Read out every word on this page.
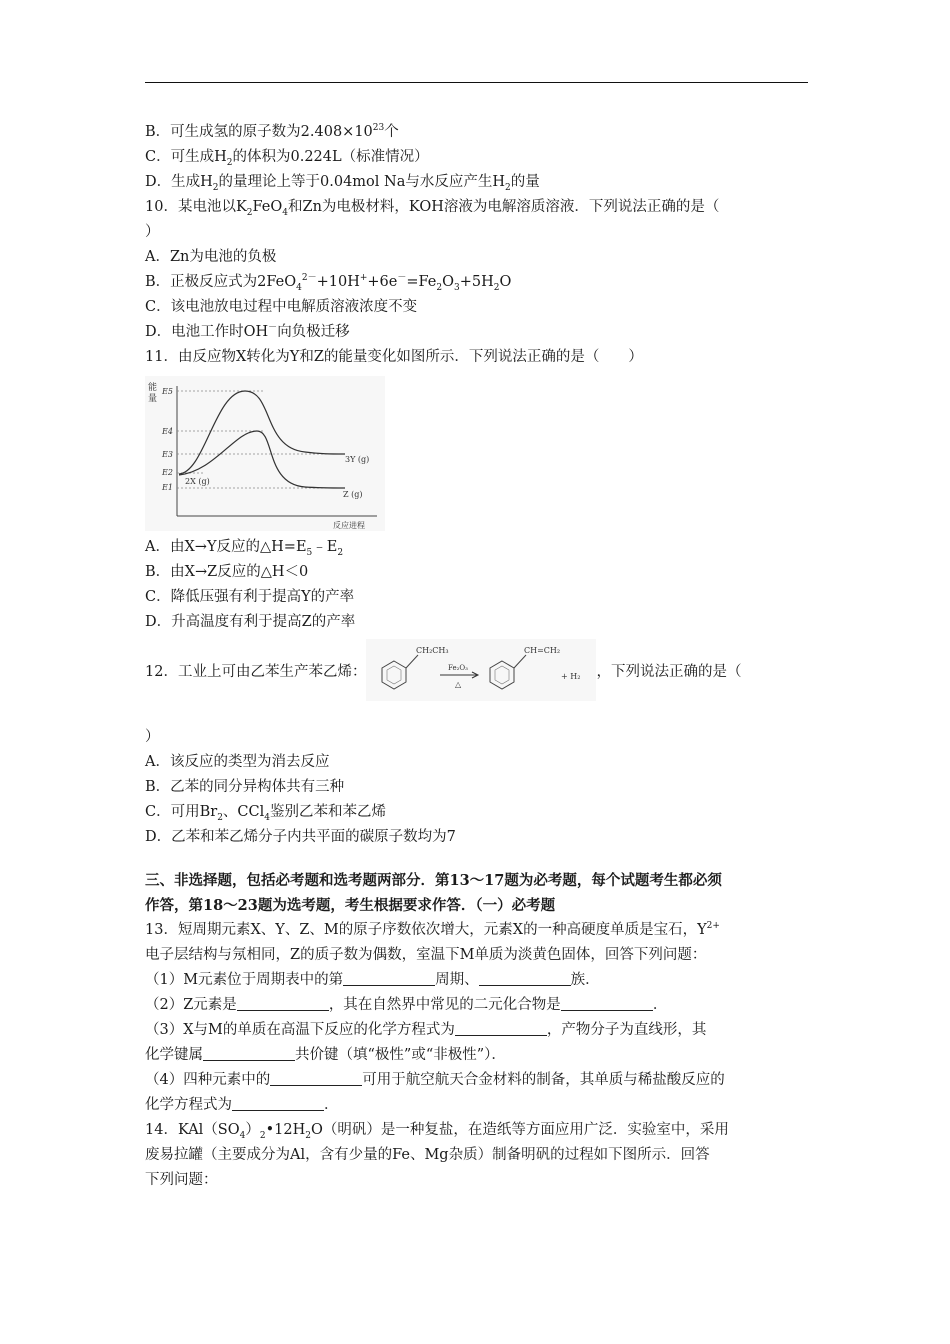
B．可生成氢的原子数为$2.408\times 10^{23}$个
C．可生成$H_2$的体积为0.224L（标准情况）
D．生成$H_2$的量理论上等于0.04mol Na与水反应产生$H_2$的量
10．某电池以$K_2FeO_4$和Zn为电极材料，KOH溶液为电解溶质溶液．下列说法正确的是（
）
A．Zn为电池的负极
B．正极反应式为$2FeO_4^{2-}+10H^++6e^-=Fe_2O_3+5H_2O$
C．该电池放电过程中电解质溶液浓度不变
D．电池工作时OH－向负极迁移
11．由反应物X转化为Y和Z的能量变化如图所示．下列说法正确的是（　　）
能
量
E5
E4
E3
E2
E1
2X (g)
3Y (g)
Z (g)
反应进程
A．由X→Y反应的$\triangle H=E_5﹣E_2$
B．由X→Z反应的△H＜0
C．降低压强有利于提高Y的产率
D．升高温度有利于提高Z的产率
12．工业上可由乙苯生产苯乙烯：
CH₂CH₃
Fe₂O₃
△
CH=CH₂
+ H₂ ，下列说法正确的是（
）
A．该反应的类型为消去反应
B．乙苯的同分异构体共有三种
C．可用$Br_2$、CCl$_4$鉴别乙苯和苯乙烯
D．乙苯和苯乙烯分子内共平面的碳原子数均为7
三、非选择题，包括必考题和选考题两部分．第13～17题为必考题，每个试题考生都必须
作答，第18～23题为选考题，考生根据要求作答．（一）必考题
13．短周期元素X、Y、Z、M的原子序数依次增大，元素X的一种高硬度单质是宝石，$Y^{2+}$
电子层结构与氖相同，Z的质子数为偶数，室温下M单质为淡黄色固体，回答下列问题：
（1）M元素位于周期表中的第	周期、	族．
（2）Z元素是	，其在自然界中常见的二元化合物是	．
（3）X与M的单质在高温下反应的化学方程式为	，产物分子为直线形，其
化学键属	共价键（填“极性”或“非极性”）．
（4）四种元素中的	可用于航空航天合金材料的制备，其单质与稀盐酸反应的
化学方程式为	．
14．$KAl(SO_4)_2•12H_2O$（明矾）是一种复盐，在造纸等方面应用广泛．实验室中，采用
废易拉罐（主要成分为Al，含有少量的Fe、Mg杂质）制备明矾的过程如下图所示．回答
下列问题：
